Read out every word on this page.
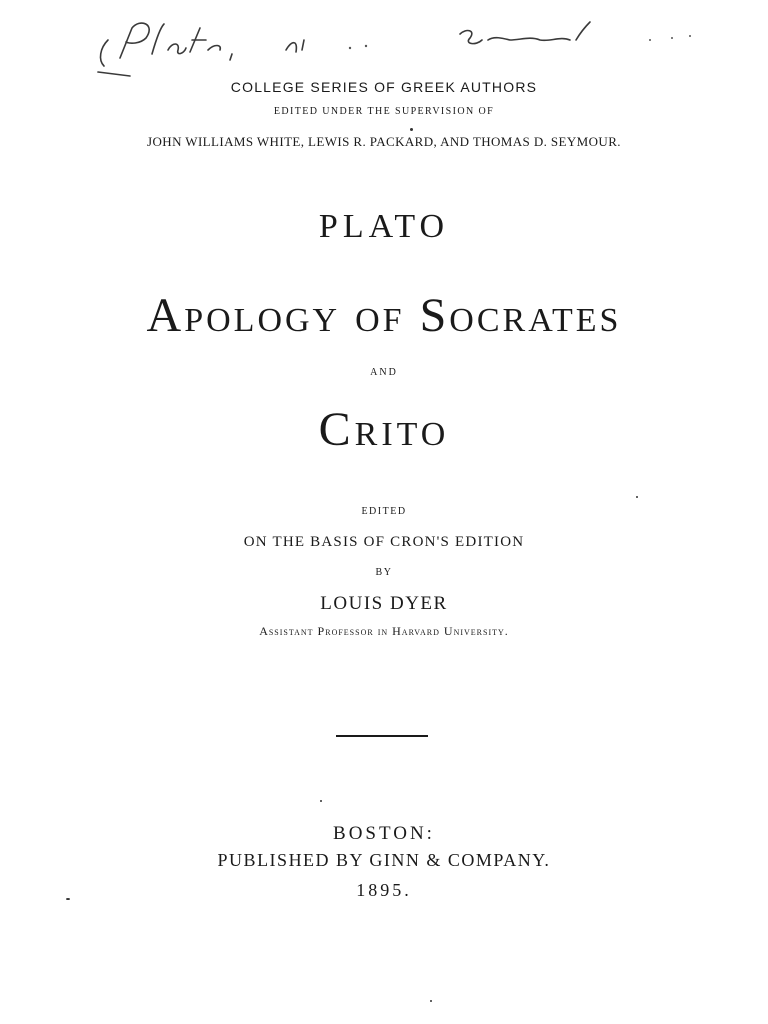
COLLEGE SERIES OF GREEK AUTHORS
EDITED UNDER THE SUPERVISION OF
JOHN WILLIAMS WHITE, LEWIS R. PACKARD, AND THOMAS D. SEYMOUR.
PLATO
APOLOGY OF SOCRATES
AND
CRITO
EDITED
ON THE BASIS OF CRON'S EDITION
BY
LOUIS DYER
Assistant Professor in Harvard University.
BOSTON:
PUBLISHED BY GINN & COMPANY.
1895.
